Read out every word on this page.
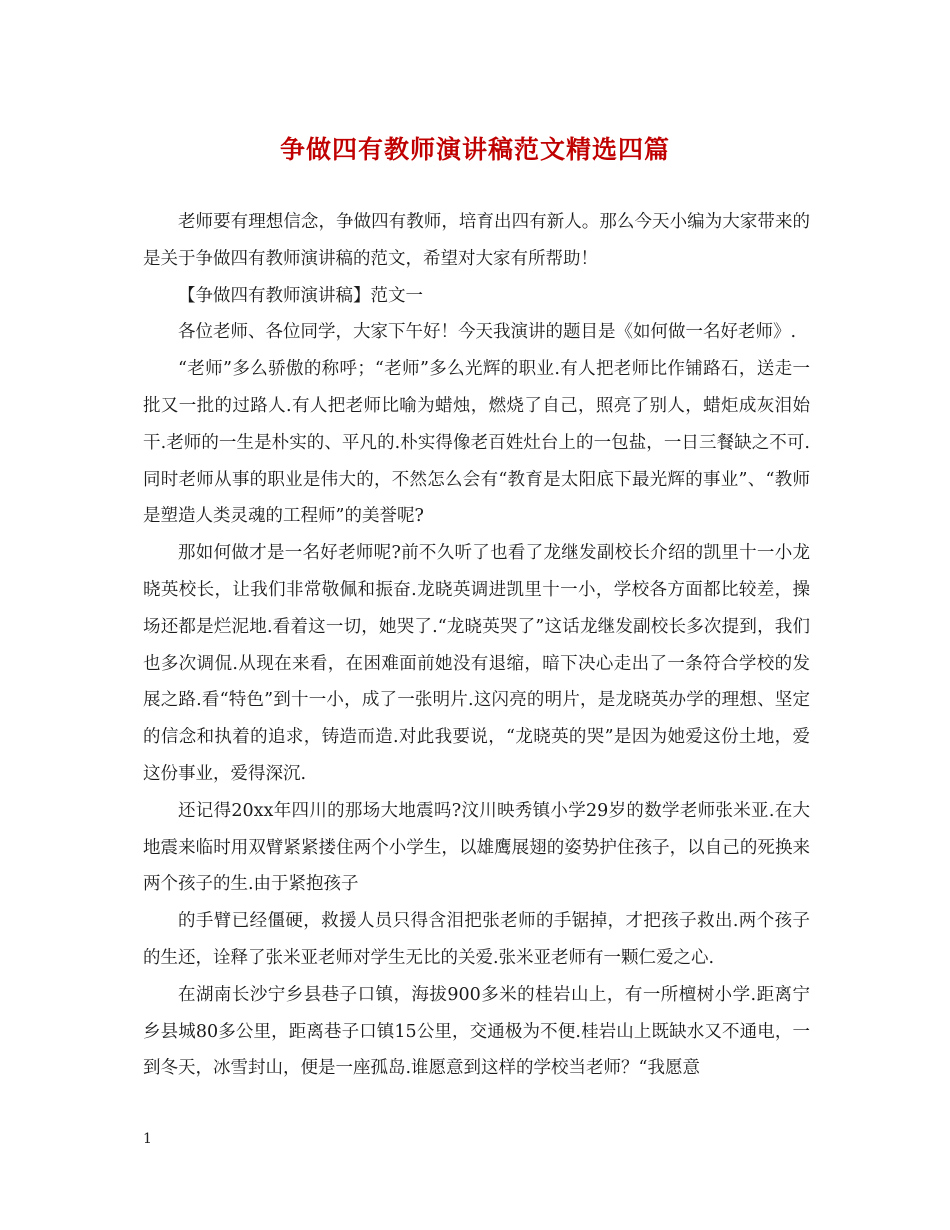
争做四有教师演讲稿范文精选四篇

老师要有理想信念，争做四有教师，培育出四有新人。那么今天小编为大家带来的是关于争做四有教师演讲稿的范文，希望对大家有所帮助！

【争做四有教师演讲稿】范文一

各位老师、各位同学，大家下午好！今天我演讲的题目是《如何做一名好老师》.

“老师”多么骄傲的称呼；“老师”多么光辉的职业.有人把老师比作铺路石，送走一批又一批的过路人.有人把老师比喻为蜡烛，燃烧了自己，照亮了别人，蜡炬成灰泪始干.老师的一生是朴实的、平凡的.朴实得像老百姓灶台上的一包盐，一日三餐缺之不可.同时老师从事的职业是伟大的，不然怎么会有“教育是太阳底下最光辉的事业”、“教师是塑造人类灵魂的工程师”的美誉呢?

那如何做才是一名好老师呢?前不久听了也看了龙继发副校长介绍的凯里十一小龙晓英校长，让我们非常敬佩和振奋.龙晓英调进凯里十一小，学校各方面都比较差，操场还都是烂泥地.看着这一切，她哭了.“龙晓英哭了”这话龙继发副校长多次提到，我们也多次调侃.从现在来看，在困难面前她没有退缩，暗下决心走出了一条符合学校的发展之路.看“特色”到十一小，成了一张明片.这闪亮的明片，是龙晓英办学的理想、坚定的信念和执着的追求，铸造而造.对此我要说，“龙晓英的哭”是因为她爱这份土地，爱这份事业，爱得深沉.

还记得20xx年四川的那场大地震吗?汶川映秀镇小学29岁的数学老师张米亚.在大地震来临时用双臂紧紧搂住两个小学生，以雄鹰展翅的姿势护住孩子，以自己的死换来两个孩子的生.由于紧抱孩子

的手臂已经僵硬，救援人员只得含泪把张老师的手锯掉，才把孩子救出.两个孩子的生还，诠释了张米亚老师对学生无比的关爱.张米亚老师有一颗仁爱之心.

在湖南长沙宁乡县巷子口镇，海拔900多米的桂岩山上，有一所檀树小学.距离宁乡县城80多公里，距离巷子口镇15公里，交通极为不便.桂岩山上既缺水又不通电，一到冬天，冰雪封山，便是一座孤岛.谁愿意到这样的学校当老师？“我愿意

1
